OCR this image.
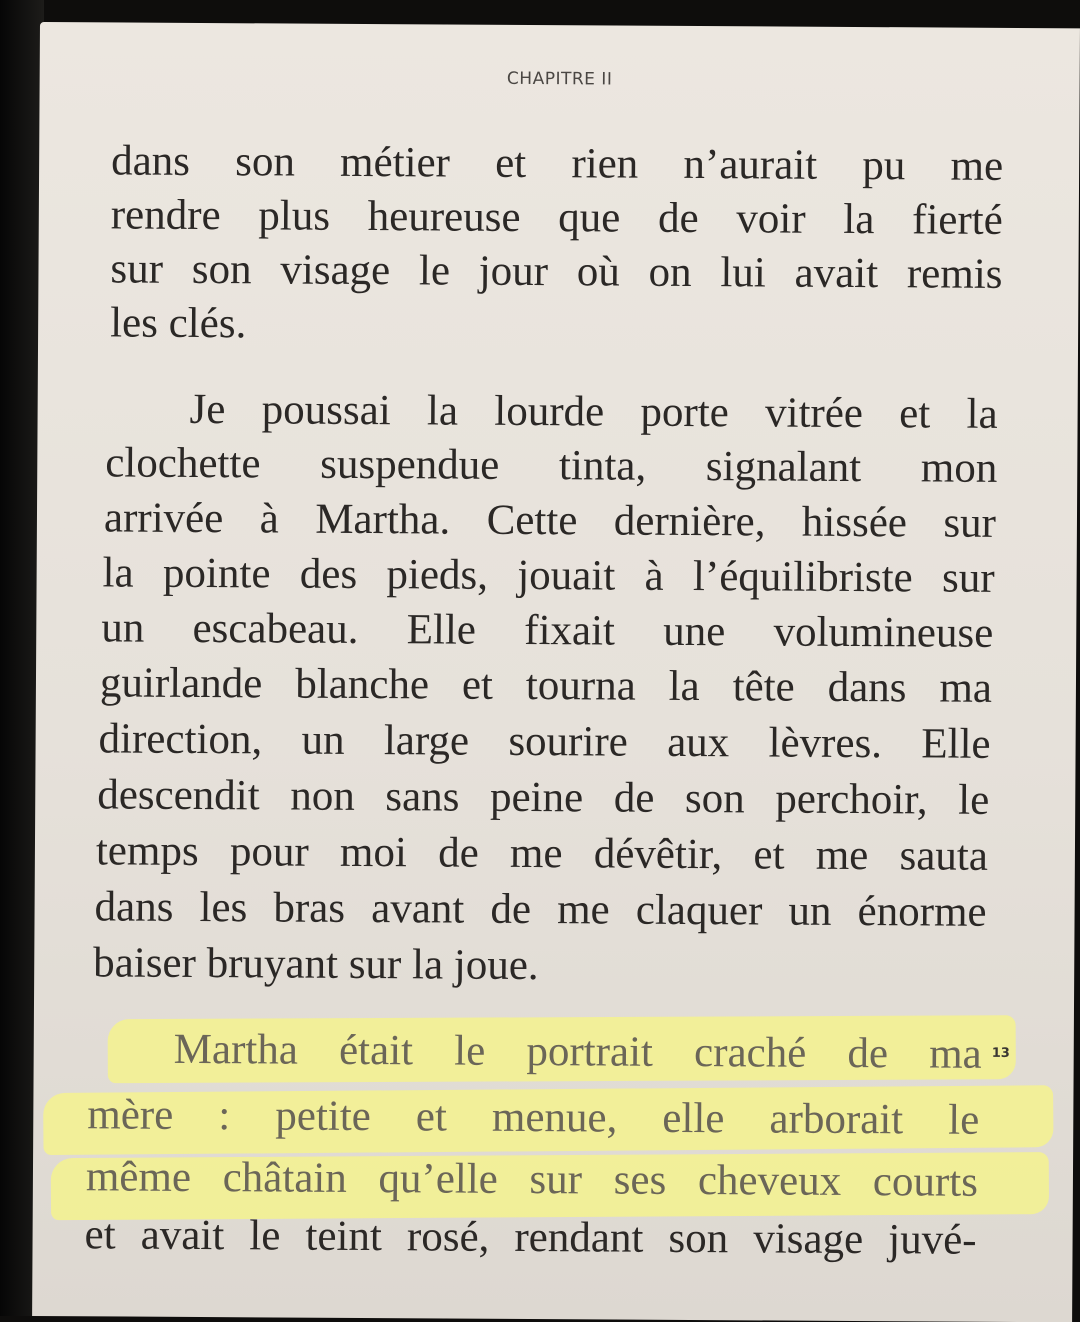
CHAPITRE II
dans son métier et rien n’aurait pu me
rendre plus heureuse que de voir la fierté
sur son visage le jour où on lui avait remis
les clés.
Je poussai la lourde porte vitrée et la
clochette suspendue tinta, signalant mon
arrivée à Martha. Cette dernière, hissée sur
la pointe des pieds, jouait à l’équilibriste sur
un escabeau. Elle fixait une volumineuse
guirlande blanche et tourna la tête dans ma
direction, un large sourire aux lèvres. Elle
descendit non sans peine de son perchoir, le
temps pour moi de me dévêtir, et me sauta
dans les bras avant de me claquer un énorme
baiser bruyant sur la joue.
Martha était le portrait craché de ma
mère : petite et menue, elle arborait le
même châtain qu’elle sur ses cheveux courts
et avait le teint rosé, rendant son visage juvé-
13
